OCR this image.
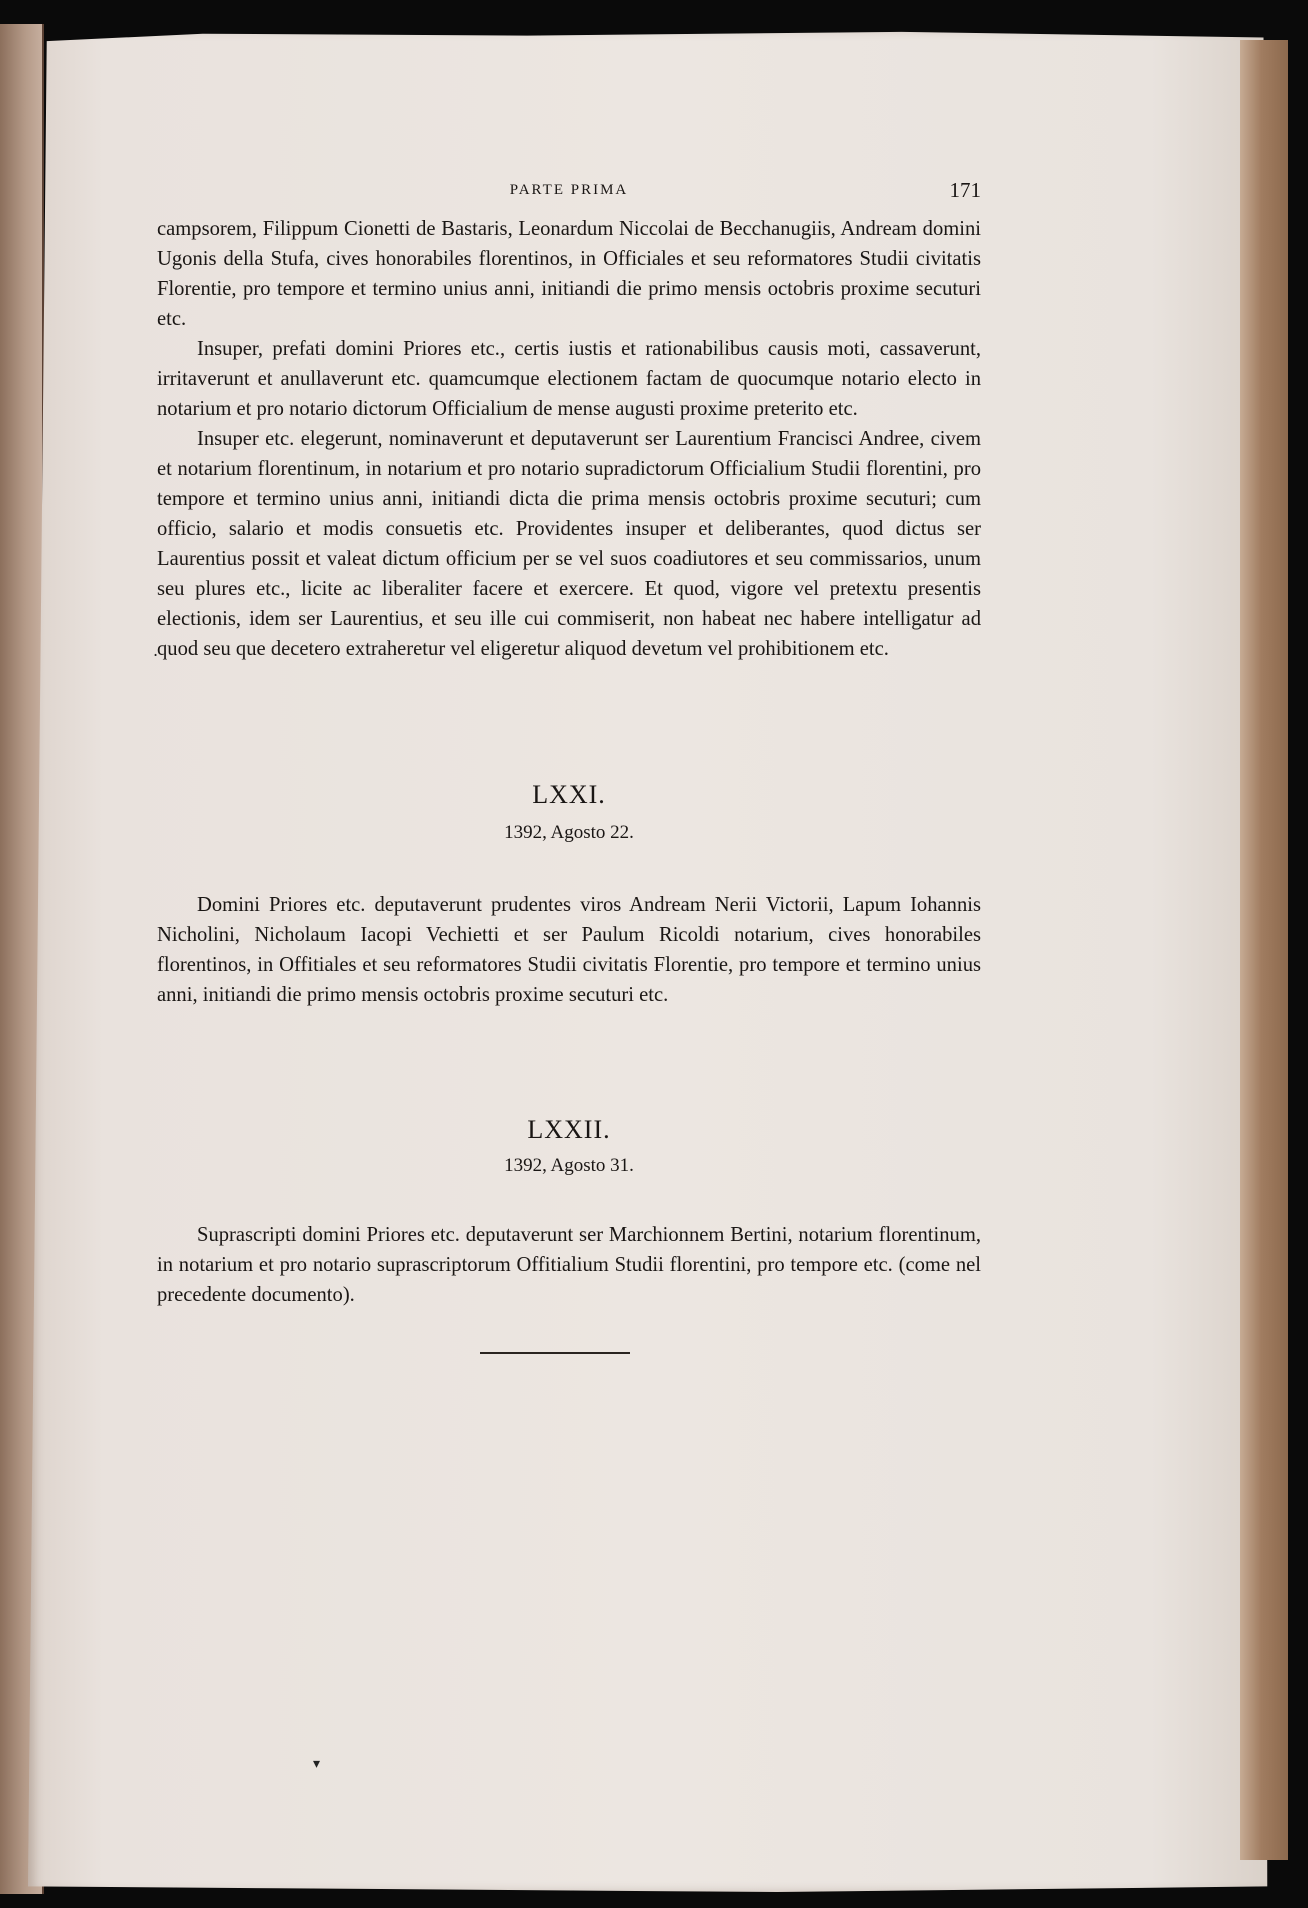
PARTE PRIMA	171

campsorem, Filippum Cionetti de Bastaris, Leonardum Niccolai de Becchanugiis, Andream domini Ugonis della Stufa, cives honorabiles florentinos, in Officiales et seu reformatores Studii civitatis Florentie, pro tempore et termino unius anni, initiandi die primo mensis octobris proxime secuturi etc.

Insuper, prefati domini Priores etc., certis iustis et rationabilibus causis moti, cassaverunt, irritaverunt et anullaverunt etc. quamcumque electionem factam de quocumque notario electo in notarium et pro notario dictorum Officialium de mense augusti proxime preterito etc.

Insuper etc. elegerunt, nominaverunt et deputaverunt ser Laurentium Francisci Andree, civem et notarium florentinum, in notarium et pro notario supradictorum Officialium Studii florentini, pro tempore et termino unius anni, initiandi dicta die prima mensis octobris proxime secuturi; cum officio, salario et modis consuetis etc. Providentes insuper et deliberantes, quod dictus ser Laurentius possit et valeat dictum officium per se vel suos coadiutores et seu commissarios, unum seu plures etc., licite ac liberaliter facere et exercere. Et quod, vigore vel pretextu presentis electionis, idem ser Laurentius, et seu ille cui commiserit, non habeat nec habere intelligatur ad quod seu que decetero extraheretur vel eligeretur aliquod devetum vel prohibitionem etc.

.
LXXI.
1392, Agosto 22.

Domini Priores etc. deputaverunt prudentes viros Andream Nerii Victorii, Lapum Iohannis Nicholini, Nicholaum Iacopi Vechietti et ser Paulum Ricoldi notarium, cives honorabiles florentinos, in Offitiales et seu reformatores Studii civitatis Florentie, pro tempore et termino unius anni, initiandi die primo mensis octobris proxime secuturi etc.

LXXII.
1392, Agosto 31.

Suprascripti domini Priores etc. deputaverunt ser Marchionnem Bertini, notarium florentinum, in notarium et pro notario suprascriptorum Offitialium Studii florentini, pro tempore etc. (come nel precedente documento).

▾
